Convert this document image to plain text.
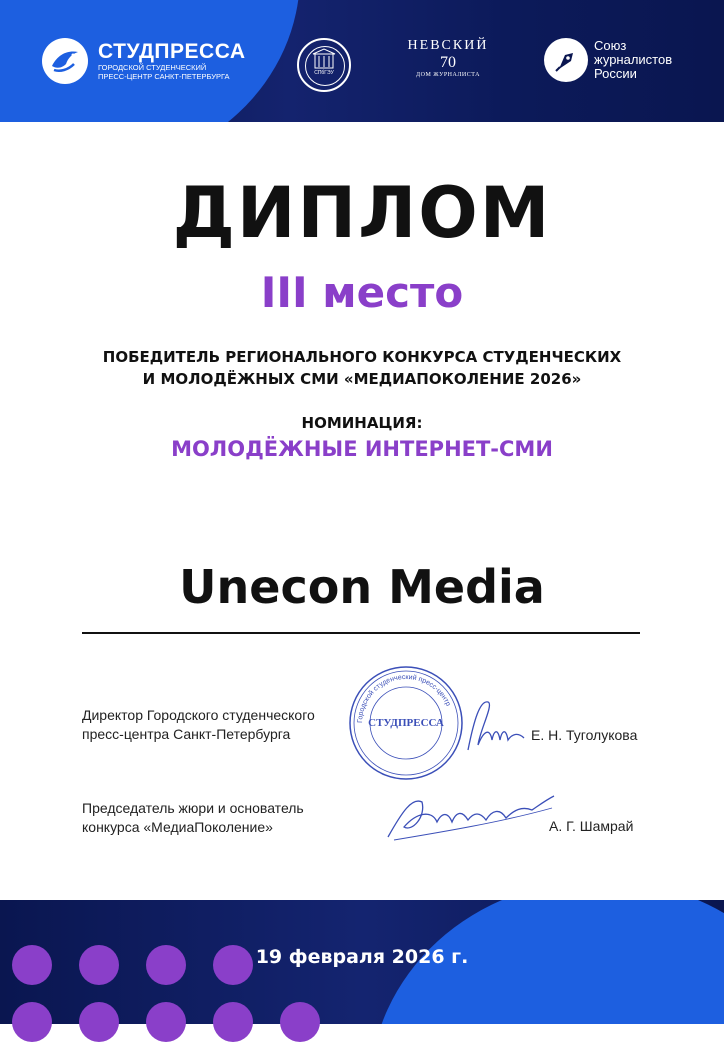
СТУДПРЕССА
ГОРОДСКОЙ СТУДЕНЧЕСКИЙ
ПРЕСС-ЦЕНТР САНКТ-ПЕТЕРБУРГА	СПбГЭУ
НЕВСКИЙ
70
ДОМ ЖУРНАЛИСТА
Союз
журналистов
России
ДИПЛОМ
III место
ПОБЕДИТЕЛЬ РЕГИОНАЛЬНОГО КОНКУРСА СТУДЕНЧЕСКИХ
И МОЛОДЁЖНЫХ СМИ «МЕДИАПОКОЛЕНИЕ 2026»
НОМИНАЦИЯ:
МОЛОДЁЖНЫЕ ИНТЕРНЕТ-СМИ
Unecon Media
Директор Городского студенческого
пресс-центра Санкт-Петербурга	Е. Н. Туголукова
Председатель жюри и основатель
конкурса «МедиаПоколение»	А. Г. Шамрай
Городской студенческий пресс-центр
СТУДПРЕССА
19 февраля 2026 г.
